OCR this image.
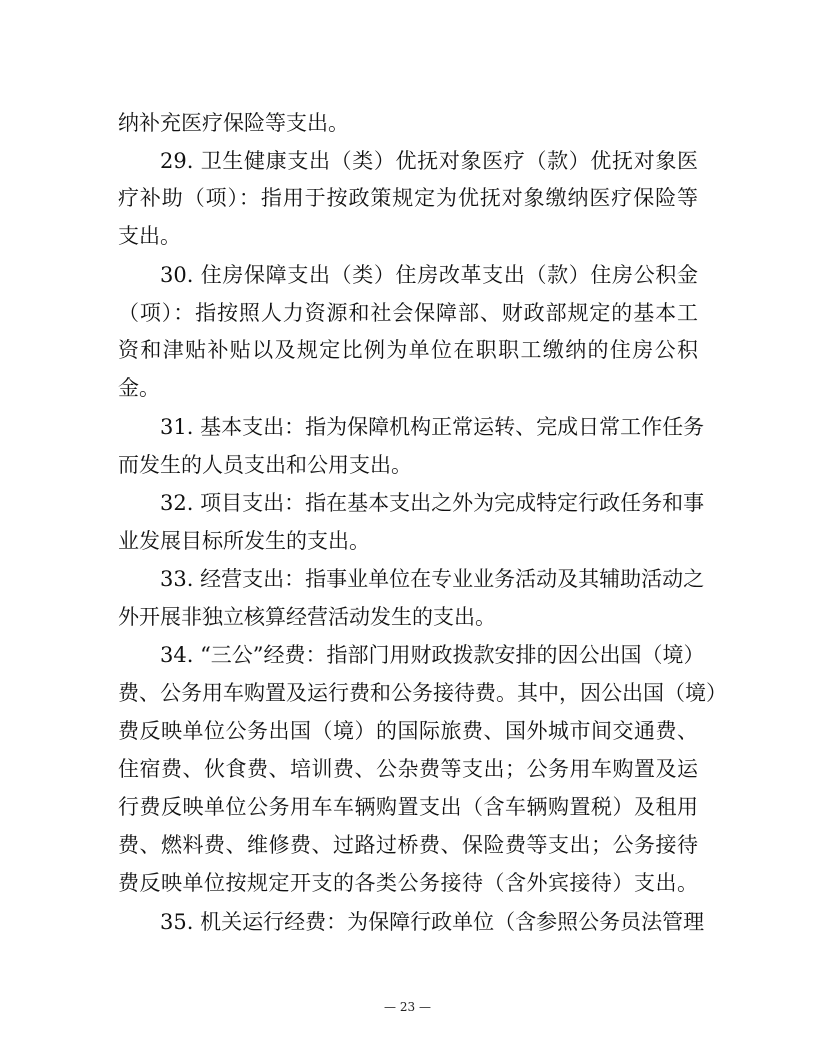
纳补充医疗保险等支出。
29. 卫生健康支出（类）优抚对象医疗（款）优抚对象医
疗补助（项）：指用于按政策规定为优抚对象缴纳医疗保险等
支出。
30. 住房保障支出（类）住房改革支出（款）住房公积金
（项）：指按照人力资源和社会保障部、财政部规定的基本工
资和津贴补贴以及规定比例为单位在职职工缴纳的住房公积
金。
31. 基本支出：指为保障机构正常运转、完成日常工作任务
而发生的人员支出和公用支出。
32. 项目支出：指在基本支出之外为完成特定行政任务和事
业发展目标所发生的支出。
33. 经营支出：指事业单位在专业业务活动及其辅助活动之
外开展非独立核算经营活动发生的支出。
34. “三公”经费：指部门用财政拨款安排的因公出国（境）
费、公务用车购置及运行费和公务接待费。其中，因公出国（境）
费反映单位公务出国（境）的国际旅费、国外城市间交通费、
住宿费、伙食费、培训费、公杂费等支出；公务用车购置及运
行费反映单位公务用车车辆购置支出（含车辆购置税）及租用
费、燃料费、维修费、过路过桥费、保险费等支出；公务接待
费反映单位按规定开支的各类公务接待（含外宾接待）支出。
35. 机关运行经费：为保障行政单位（含参照公务员法管理
— 23 —
